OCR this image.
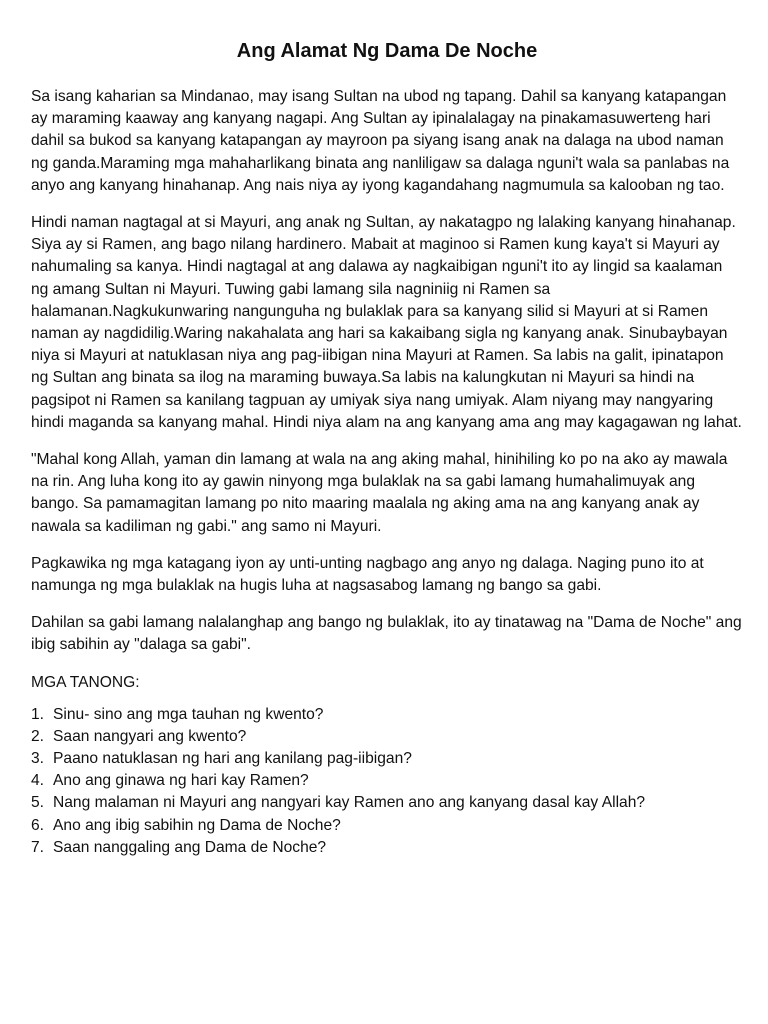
Ang Alamat Ng Dama De Noche

Sa isang kaharian sa Mindanao, may isang Sultan na ubod ng tapang. Dahil sa kanyang katapangan ay maraming kaaway ang kanyang nagapi. Ang Sultan ay ipinalalagay na pinakamasuwerteng hari dahil sa bukod sa kanyang katapangan ay mayroon pa siyang isang anak na dalaga na ubod naman ng ganda.Maraming mga mahaharlikang binata ang nanliligaw sa dalaga nguni't wala sa panlabas na anyo ang kanyang hinahanap. Ang nais niya ay iyong kagandahang nagmumula sa kalooban ng tao.

Hindi naman nagtagal at si Mayuri, ang anak ng Sultan, ay nakatagpo ng lalaking kanyang hinahanap. Siya ay si Ramen, ang bago nilang hardinero. Mabait at maginoo si Ramen kung kaya't si Mayuri ay nahumaling sa kanya. Hindi nagtagal at ang dalawa ay nagkaibigan nguni't ito ay lingid sa kaalaman ng amang Sultan ni Mayuri. Tuwing gabi lamang sila nagniniig ni Ramen sa halamanan.Nagkukunwaring nangunguha ng bulaklak para sa kanyang silid si Mayuri at si Ramen naman ay nagdidilig.Waring nakahalata ang hari sa kakaibang sigla ng kanyang anak. Sinubaybayan niya si Mayuri at natuklasan niya ang pag-iibigan nina Mayuri at Ramen. Sa labis na galit, ipinatapon ng Sultan ang binata sa ilog na maraming buwaya.Sa labis na kalungkutan ni Mayuri sa hindi na pagsipot ni Ramen sa kanilang tagpuan ay umiyak siya nang umiyak. Alam niyang may nangyaring hindi maganda sa kanyang mahal. Hindi niya alam na ang kanyang ama ang may kagagawan ng lahat.

"Mahal kong Allah, yaman din lamang at wala na ang aking mahal, hinihiling ko po na ako ay mawala na rin. Ang luha kong ito ay gawin ninyong mga bulaklak na sa gabi lamang humahalimuyak ang bango. Sa pamamagitan lamang po nito maaring maalala ng aking ama na ang kanyang anak ay nawala sa kadiliman ng gabi." ang samo ni Mayuri.

Pagkawika ng mga katagang iyon ay unti-unting nagbago ang anyo ng dalaga. Naging puno ito at namunga ng mga bulaklak na hugis luha at nagsasabog lamang ng bango sa gabi.

Dahilan sa gabi lamang nalalanghap ang bango ng bulaklak, ito ay tinatawag na "Dama de Noche" ang ibig sabihin ay "dalaga sa gabi".

MGA TANONG:
1. Sinu- sino ang mga tauhan ng kwento?
2. Saan nangyari ang kwento?
3. Paano natuklasan ng hari ang kanilang pag-iibigan?
4. Ano ang ginawa ng hari kay Ramen?
5. Nang malaman ni Mayuri ang nangyari kay Ramen ano ang kanyang dasal kay Allah?
6. Ano ang ibig sabihin ng Dama de Noche?
7. Saan nanggaling ang Dama de Noche?
